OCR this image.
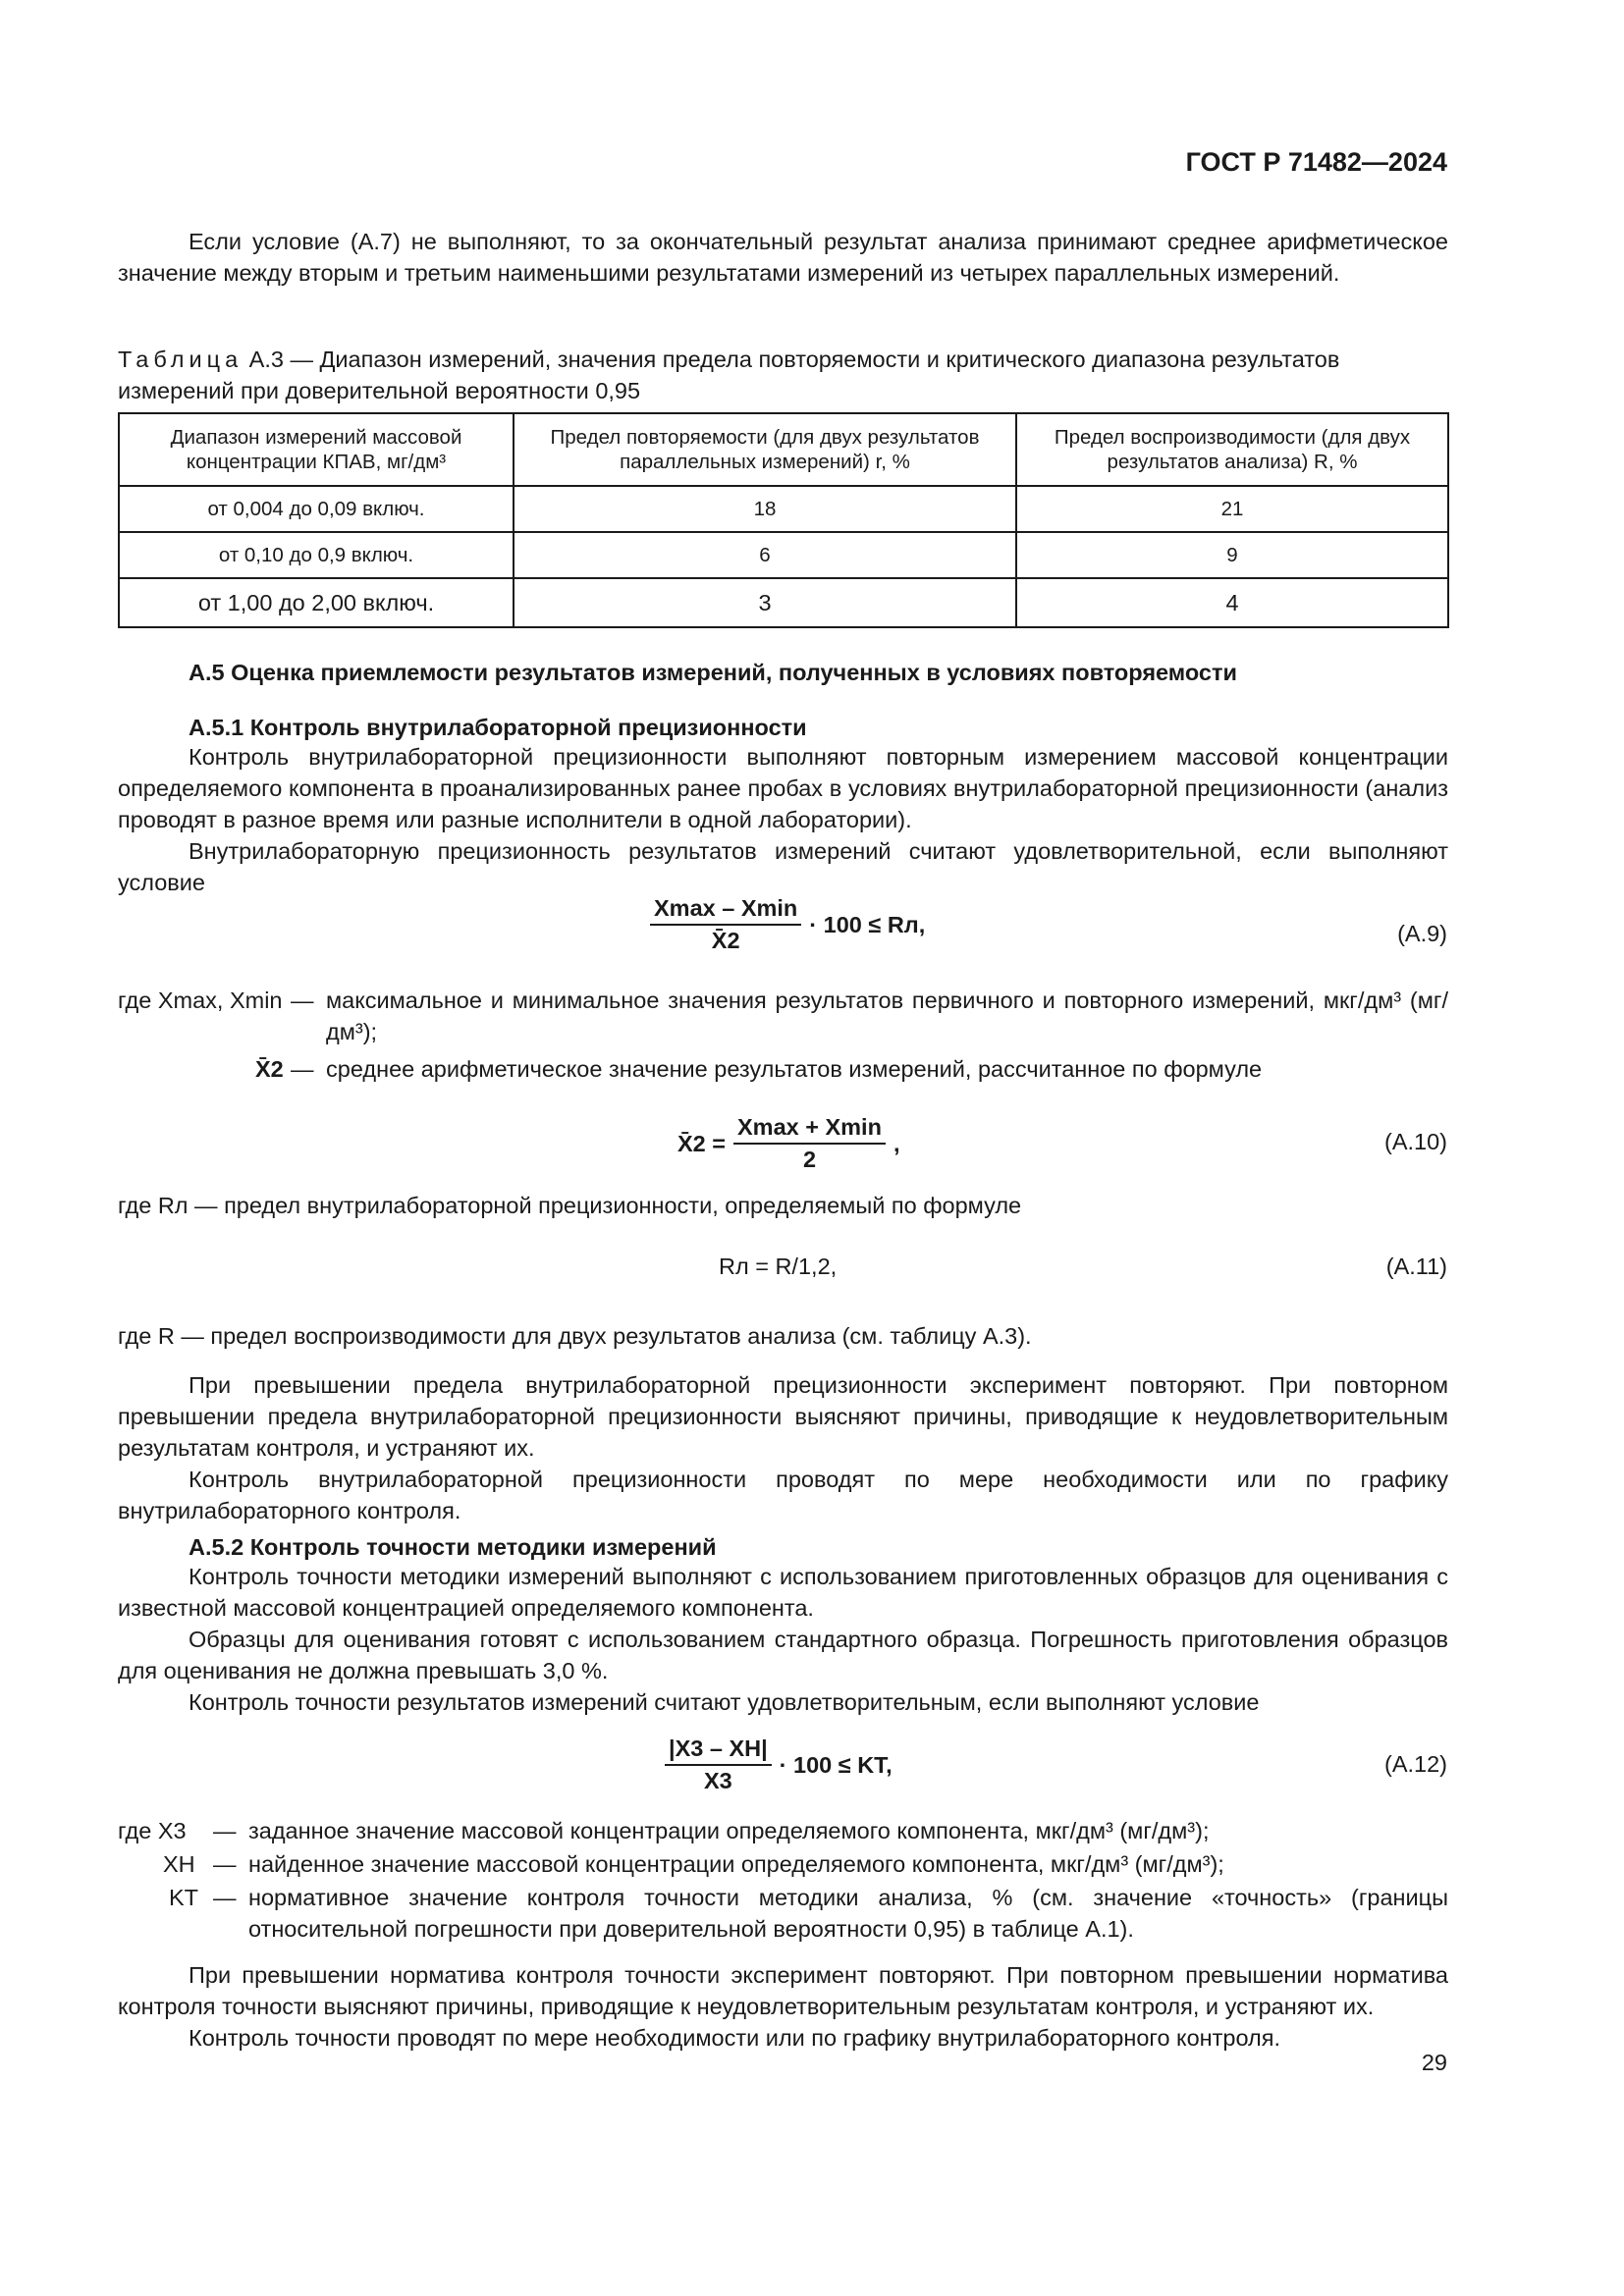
ГОСТ Р 71482—2024
Если условие (А.7) не выполняют, то за окончательный результат анализа принимают среднее арифметическое значение между вторым и третьим наименьшими результатами измерений из четырех параллельных измерений.
Таблица А.3 — Диапазон измерений, значения предела повторяемости и критического диапазона результатов измерений при доверительной вероятности 0,95
Диапазон измерений массовой концентрации КПАВ, мг/дм³	Предел повторяемости (для двух результатов параллельных измерений) r, %	Предел воспроизводимости (для двух результатов анализа) R, %
от 0,004 до 0,09 включ.	18	21
от 0,10 до 0,9 включ.	6	9
от 1,00 до 2,00 включ.	3	4
А.5 Оценка приемлемости результатов измерений, полученных в условиях повторяемости
А.5.1 Контроль внутрилабораторной прецизионности
Контроль внутрилабораторной прецизионности выполняют повторным измерением массовой концентрации определяемого компонента в проанализированных ранее пробах в условиях внутрилабораторной прецизионности (анализ проводят в разное время или разные исполнители в одной лаборатории).
Внутрилабораторную прецизионность результатов измерений считают удовлетворительной, если выполняют условие
$\frac{Xmax - Xmin}{X̄2} \cdot 100$ ≤ Rл,	(А.9)
где Xmax, Xmin — максимальное и минимальное значения результатов первичного и повторного измерений, мкг/дм³ (мг/дм³);
X̄2 — среднее арифметическое значение результатов измерений, рассчитанное по формуле
X̄2 = $\frac{Xmax + Xmin}{2}$ ,	(А.10)
где Rл — предел внутрилабораторной прецизионности, определяемый по формуле
Rл = R/1,2,	(А.11)
где R — предел воспроизводимости для двух результатов анализа (см. таблицу А.3).
При превышении предела внутрилабораторной прецизионности эксперимент повторяют. При повторном превышении предела внутрилабораторной прецизионности выясняют причины, приводящие к неудовлетворительным результатам контроля, и устраняют их.
Контроль внутрилабораторной прецизионности проводят по мере необходимости или по графику внутрилабораторного контроля.
А.5.2 Контроль точности методики измерений
Контроль точности методики измерений выполняют с использованием приготовленных образцов для оценивания с известной массовой концентрацией определяемого компонента.
Образцы для оценивания готовят с использованием стандартного образца. Погрешность приготовления образцов для оценивания не должна превышать 3,0 %.
Контроль точности результатов измерений считают удовлетворительным, если выполняют условие
$\frac{|X3 - XН|}{X3} \cdot 100$ ≤ KТ,	(А.12)
где X3 — заданное значение массовой концентрации определяемого компонента, мкг/дм³ (мг/дм³);
XН — найденное значение массовой концентрации определяемого компонента, мкг/дм³ (мг/дм³);
KТ — нормативное значение контроля точности методики анализа, % (см. значение «точность» (границы относительной погрешности при доверительной вероятности 0,95) в таблице А.1).
При превышении норматива контроля точности эксперимент повторяют. При повторном превышении норматива контроля точности выясняют причины, приводящие к неудовлетворительным результатам контроля, и устраняют их.
Контроль точности проводят по мере необходимости или по графику внутрилабораторного контроля.
29
